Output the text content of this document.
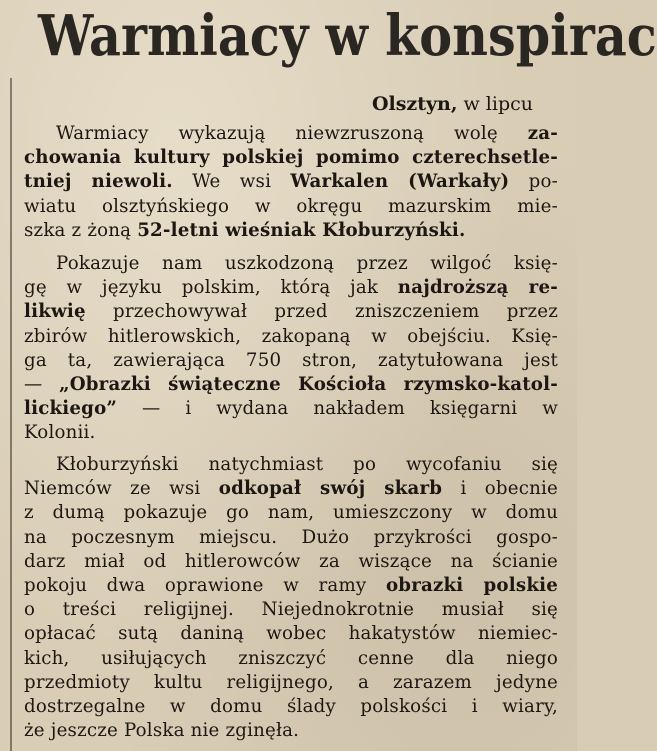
Warmiacy w konspirac
Olsztyn, w lipcu
Warmiacy wykazują niewzruszoną wolę za-
chowania kultury polskiej pomimo czterechsetle-
tniej niewoli. We wsi Warkalen (Warkały) po-
wiatu olsztyńskiego w okręgu mazurskim mie-
szka z żoną 52-letni wieśniak Kłoburzyński.
Pokazuje nam uszkodzoną przez wilgoć księ-
gę w języku polskim, którą jak najdroższą re-
likwię przechowywał przed zniszczeniem przez
zbirów hitlerowskich, zakopaną w obejściu. Księ-
ga ta, zawierająca 750 stron, zatytułowana jest
— „Obrazki świąteczne Kościoła rzymsko-katol-
lickiego” — i wydana nakładem księgarni w
Kolonii.
Kłoburzyński natychmiast po wycofaniu się
Niemców ze wsi odkopał swój skarb i obecnie
z dumą pokazuje go nam, umieszczony w domu
na poczesnym miejscu. Dużo przykrości gospo-
darz miał od hitlerowców za wiszące na ścianie
pokoju dwa oprawione w ramy obrazki polskie
o treści religijnej. Niejednokrotnie musiał się
opłacać sutą daniną wobec hakatystów niemiec-
kich, usiłujących zniszczyć cenne dla niego
przedmioty kultu religijnego, a zarazem jedyne
dostrzegalne w domu ślady polskości i wiary,
że jeszcze Polska nie zginęła.
